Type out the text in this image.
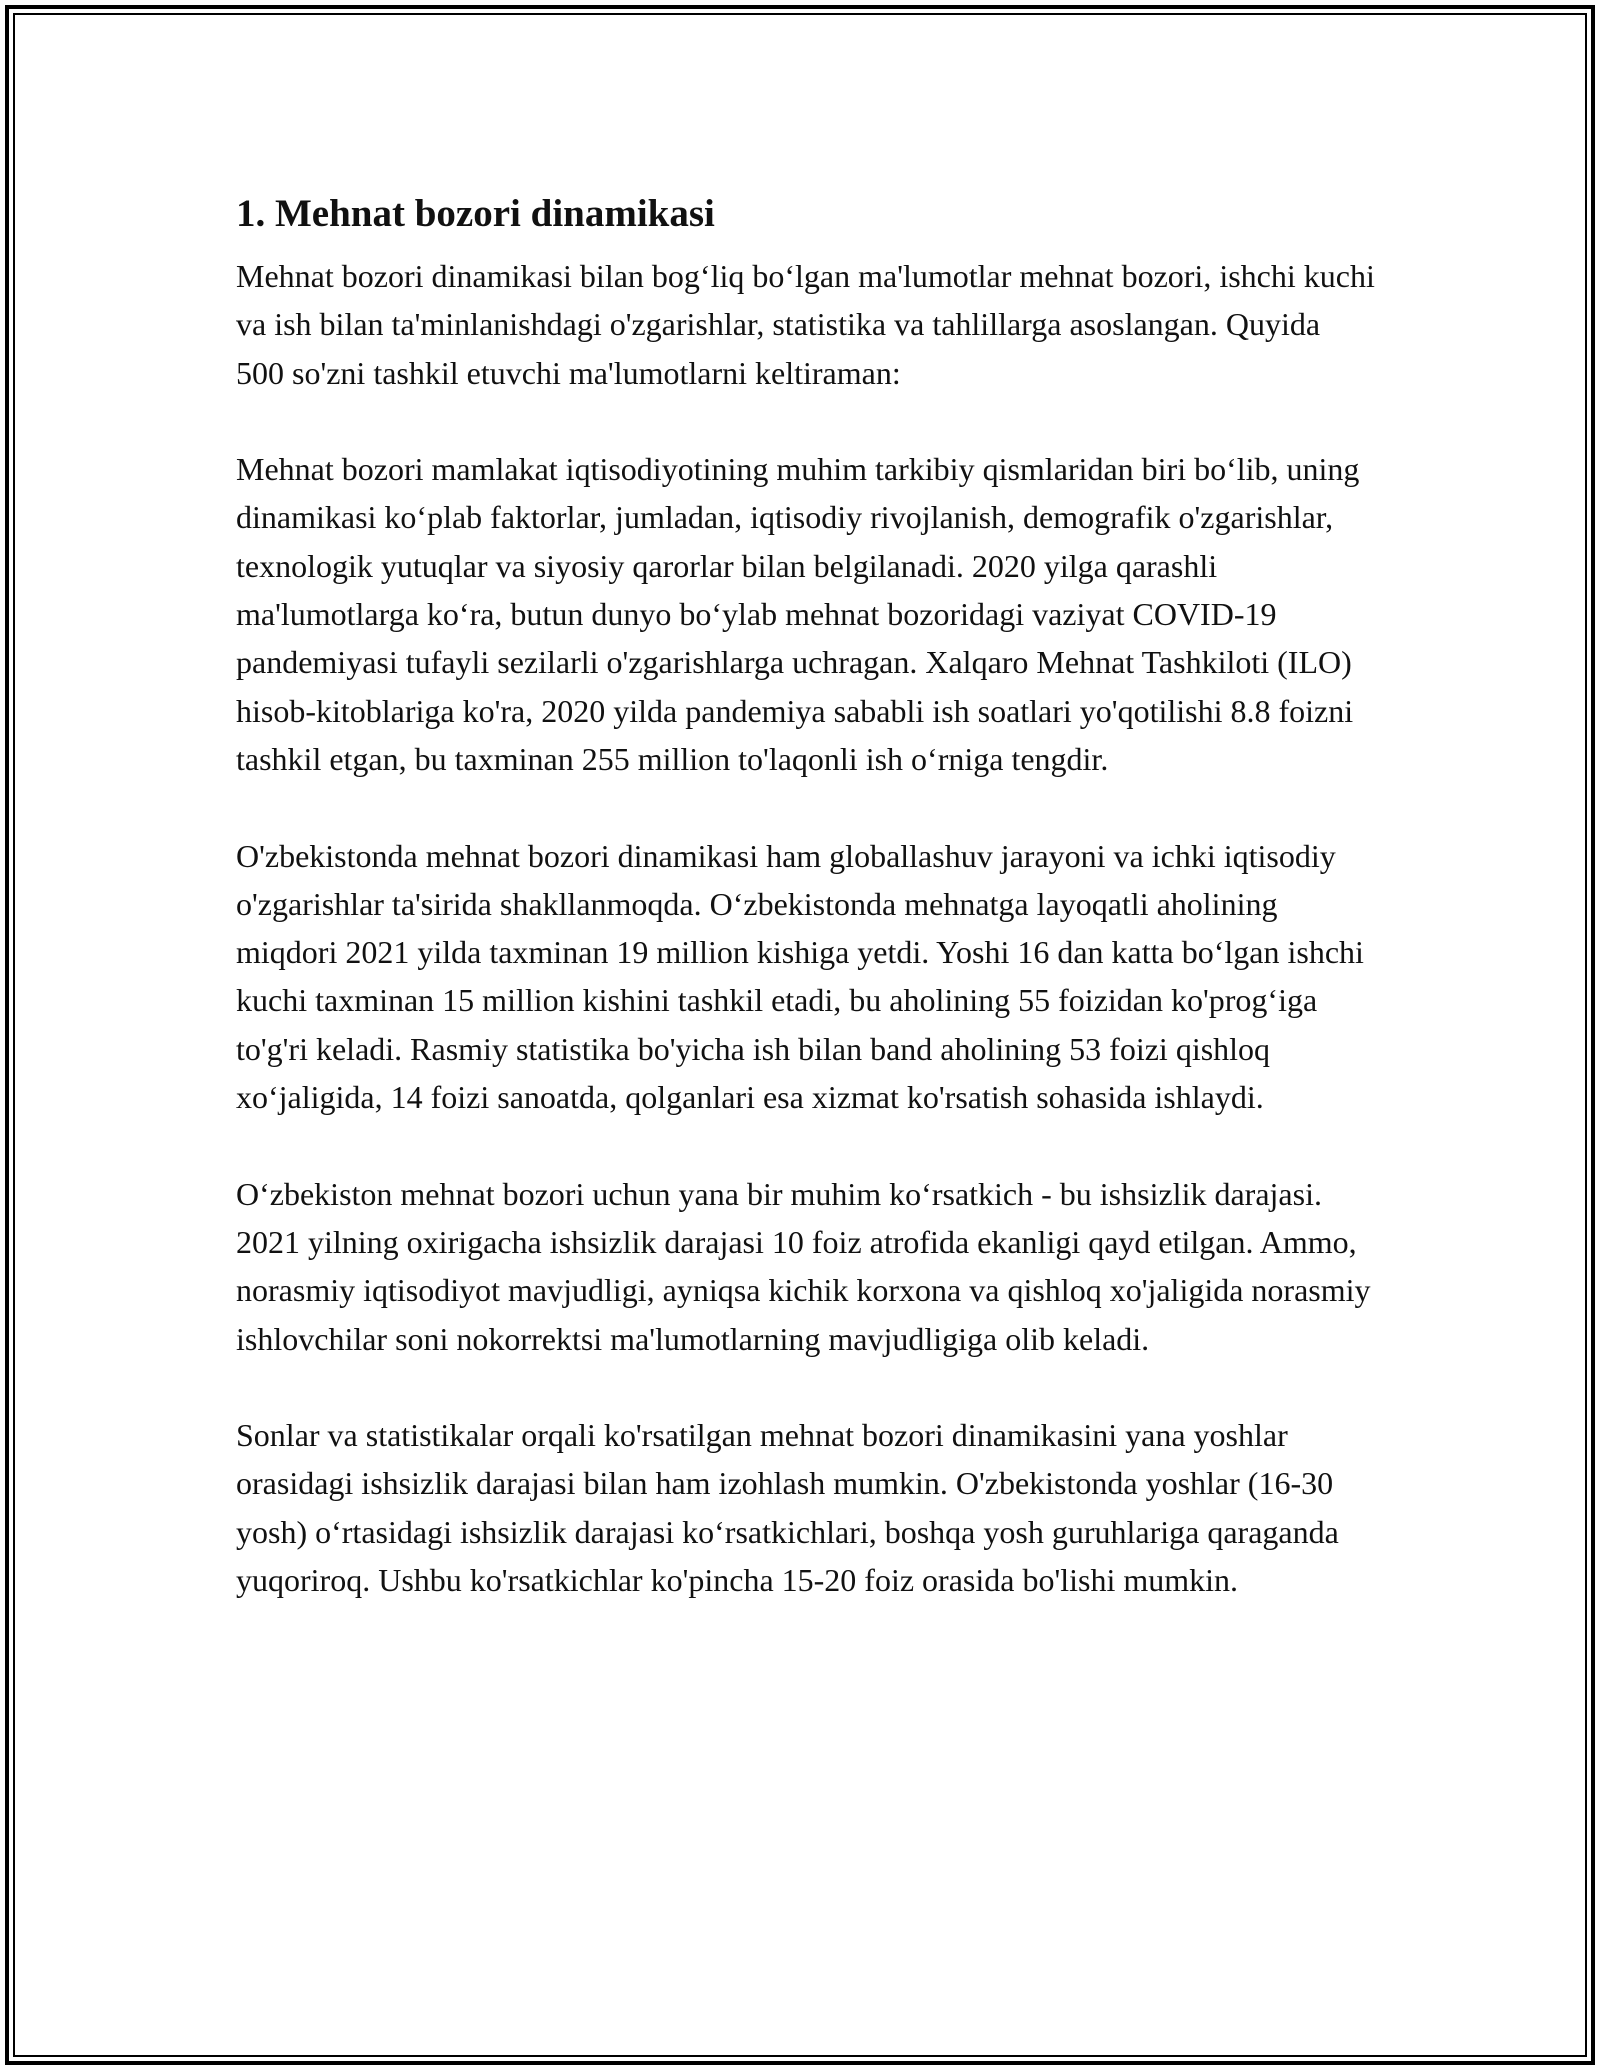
1. Mehnat bozori dinamikasi

Mehnat bozori dinamikasi bilan bog‘liq bo‘lgan ma'lumotlar mehnat bozori, ishchi kuchi va ish bilan ta'minlanishdagi o'zgarishlar, statistika va tahlillarga asoslangan. Quyida 500 so'zni tashkil etuvchi ma'lumotlarni keltiraman:

Mehnat bozori mamlakat iqtisodiyotining muhim tarkibiy qismlaridan biri bo‘lib, uning dinamikasi ko‘plab faktorlar, jumladan, iqtisodiy rivojlanish, demografik o'zgarishlar, texnologik yutuqlar va siyosiy qarorlar bilan belgilanadi. 2020 yilga qarashli ma'lumotlarga ko‘ra, butun dunyo bo‘ylab mehnat bozoridagi vaziyat COVID-19 pandemiyasi tufayli sezilarli o'zgarishlarga uchragan. Xalqaro Mehnat Tashkiloti (ILO) hisob-kitoblariga ko'ra, 2020 yilda pandemiya sababli ish soatlari yo'qotilishi 8.8 foizni tashkil etgan, bu taxminan 255 million to'laqonli ish o‘rniga tengdir.

O'zbekistonda mehnat bozori dinamikasi ham globallashuv jarayoni va ichki iqtisodiy o'zgarishlar ta'sirida shakllanmoqda. O‘zbekistonda mehnatga layoqatli aholining miqdori 2021 yilda taxminan 19 million kishiga yetdi. Yoshi 16 dan katta bo‘lgan ishchi kuchi taxminan 15 million kishini tashkil etadi, bu aholining 55 foizidan ko'prog‘iga to'g'ri keladi. Rasmiy statistika bo'yicha ish bilan band aholining 53 foizi qishloq xo‘jaligida, 14 foizi sanoatda, qolganlari esa xizmat ko'rsatish sohasida ishlaydi.

O‘zbekiston mehnat bozori uchun yana bir muhim ko‘rsatkich - bu ishsizlik darajasi. 2021 yilning oxirigacha ishsizlik darajasi 10 foiz atrofida ekanligi qayd etilgan. Ammo, norasmiy iqtisodiyot mavjudligi, ayniqsa kichik korxona va qishloq xo'jaligida norasmiy ishlovchilar soni nokorrektsi ma'lumotlarning mavjudligiga olib keladi.

Sonlar va statistikalar orqali ko'rsatilgan mehnat bozori dinamikasini yana yoshlar orasidagi ishsizlik darajasi bilan ham izohlash mumkin. O'zbekistonda yoshlar (16-30 yosh) o‘rtasidagi ishsizlik darajasi ko‘rsatkichlari, boshqa yosh guruhlariga qaraganda yuqoriroq. Ushbu ko'rsatkichlar ko'pincha 15-20 foiz orasida bo'lishi mumkin.
